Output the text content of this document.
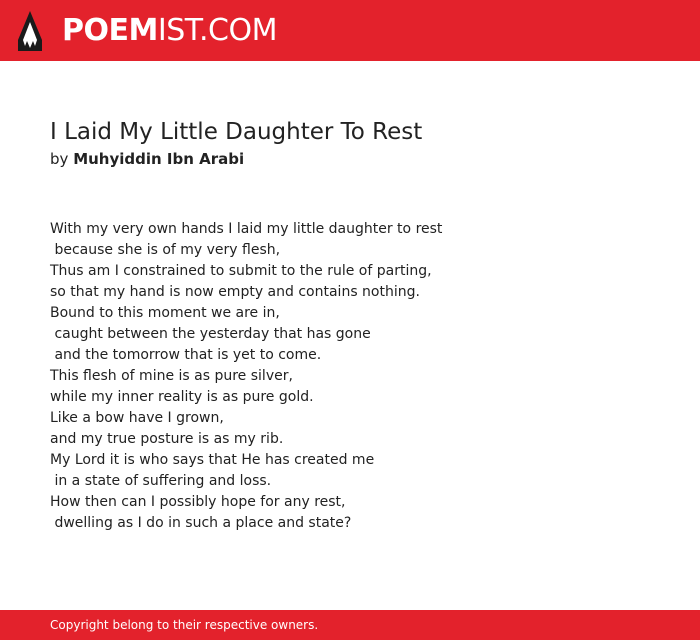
POEMIST.COM
I Laid My Little Daughter To Rest
by Muhyiddin Ibn Arabi
With my very own hands I laid my little daughter to rest
because she is of my very flesh,
Thus am I constrained to submit to the rule of parting,
so that my hand is now empty and contains nothing.
Bound to this moment we are in,
caught between the yesterday that has gone
and the tomorrow that is yet to come.
This flesh of mine is as pure silver,
while my inner reality is as pure gold.
Like a bow have I grown,
and my true posture is as my rib.
My Lord it is who says that He has created me
in a state of suffering and loss.
How then can I possibly hope for any rest,
dwelling as I do in such a place and state?
Copyright belong to their respective owners.
